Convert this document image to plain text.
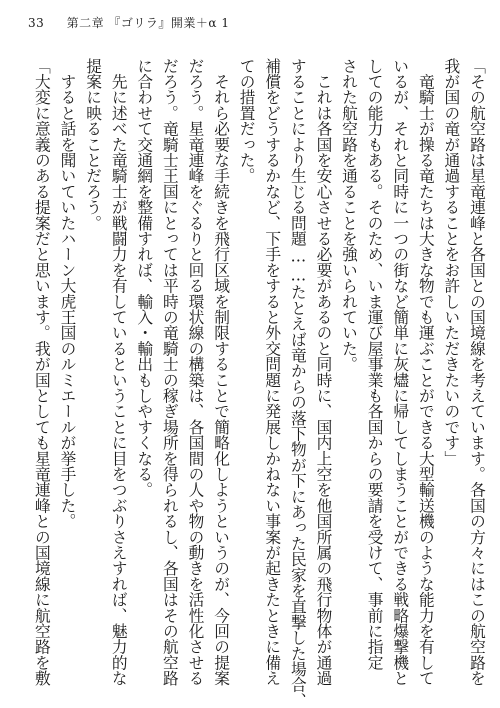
33 第二章 『ゴリラ』開業＋α 1
「その航空路は星竜連峰と各国との国境線を考えています。各国の方々にはこの航空路を
我が国の竜が通過することをお許しいただきたいのです」
　竜騎士が操る竜たちは大きな物でも運ぶことができる大型輸送機のような能力を有して
いるが、それと同時に一つの街など簡単に灰燼に帰してしまうことができる戦略爆撃機と
しての能力もある。そのため、いま運び屋事業も各国からの要請を受けて、事前に指定
された航空路を通ることを強いられていた。
　これは各国を安心させる必要があるのと同時に、国内上空を他国所属の飛行物体が通過
することにより生じる問題……たとえば竜からの落下物が下にあった民家を直撃した場合、
補償をどうするかなど、下手をすると外交問題に発展しかねない事案が起きたときに備え
ての措置だった。
　それら必要な手続きを飛行区域を制限することで簡略化しようというのが、今回の提案
だろう。星竜連峰をぐるりと回る環状線の構築は、各国間の人や物の動きを活性化させる
だろう。竜騎士王国にとっては平時の竜騎士の稼ぎ場所を得られるし、各国はその航空路
に合わせて交通網を整備すれば、輸入・輸出もしやすくなる。
　先に述べた竜騎士が戦闘力を有しているということに目をつぶりさえすれば、魅力的な
提案に映ることだろう。
　すると話を聞いていたハーン大虎王国のルミエールが挙手した。
「大変に意義のある提案だと思います。我が国としても星竜連峰との国境線に航空路を敷
